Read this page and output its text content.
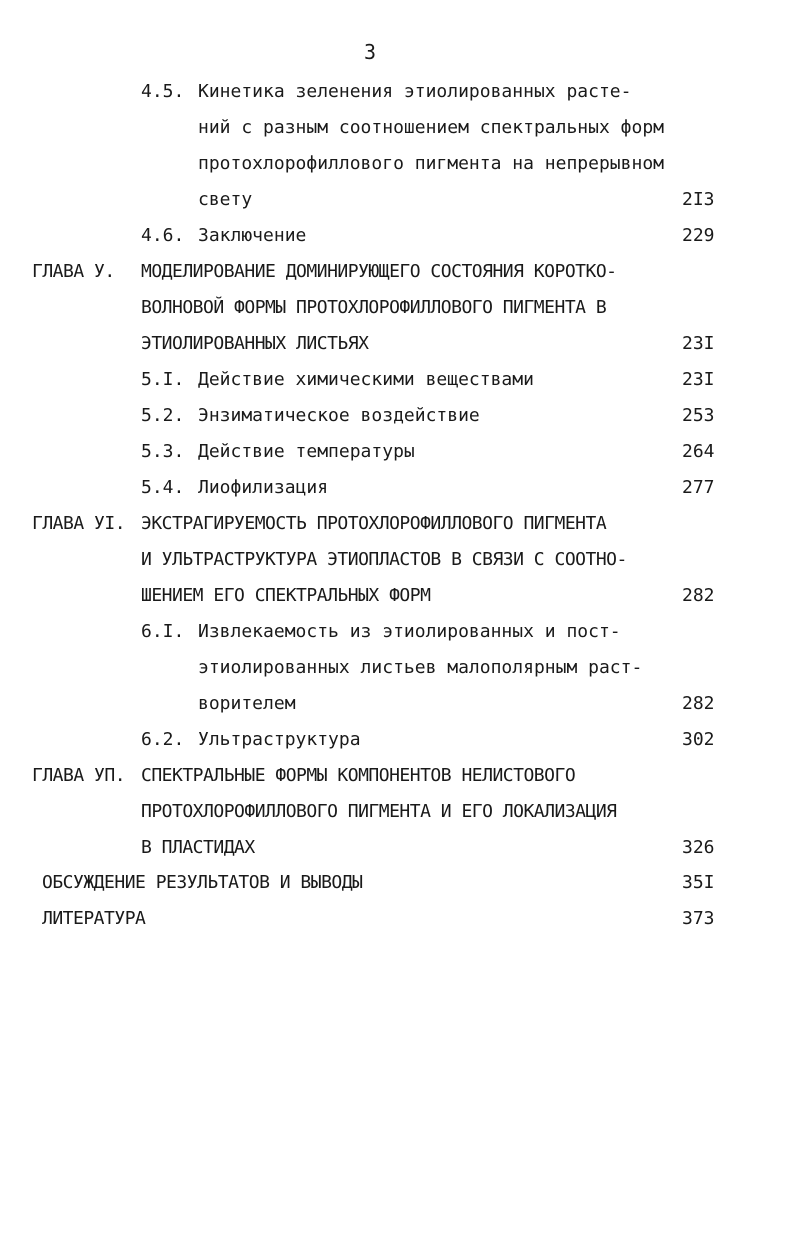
3
4.5. Кинетика зеленения этиолированных расте-
ний с разным соотношением спектральных форм
протохлорофиллового пигмента на непрерывном
свету	2I3
4.6. Заключение	229
ГЛАВА У. МОДЕЛИРОВАНИЕ ДОМИНИРУЮЩЕГО СОСТОЯНИЯ КОРОТКО-
ВОЛНОВОЙ ФОРМЫ ПРОТОХЛОРОФИЛЛОВОГО ПИГМЕНТА В
ЭТИОЛИРОВАННЫХ ЛИСТЬЯХ	23I
5.I. Действие химическими веществами	23I
5.2. Энзиматическое воздействие	253
5.3. Действие температуры	264
5.4. Лиофилизация	277
ГЛАВА УI. ЭКСТРАГИРУЕМОСТЬ ПРОТОХЛОРОФИЛЛОВОГО ПИГМЕНТА
И УЛЬТРАСТРУКТУРА ЭТИОПЛАСТОВ В СВЯЗИ С СООТНО-
ШЕНИЕМ ЕГО СПЕКТРАЛЬНЫХ ФОРМ	282
6.I. Извлекаемость из этиолированных и пост-
этиолированных листьев малополярным раст-
ворителем	282
6.2. Ультраструктура	302
ГЛАВА УП. СПЕКТРАЛЬНЫЕ ФОРМЫ КОМПОНЕНТОВ НЕЛИСТОВОГО
ПРОТОХЛОРОФИЛЛОВОГО ПИГМЕНТА И ЕГО ЛОКАЛИЗАЦИЯ
В ПЛАСТИДАХ	326
ОБСУЖДЕНИЕ РЕЗУЛЬТАТОВ И ВЫВОДЫ	35I
ЛИТЕРАТУРА	373
